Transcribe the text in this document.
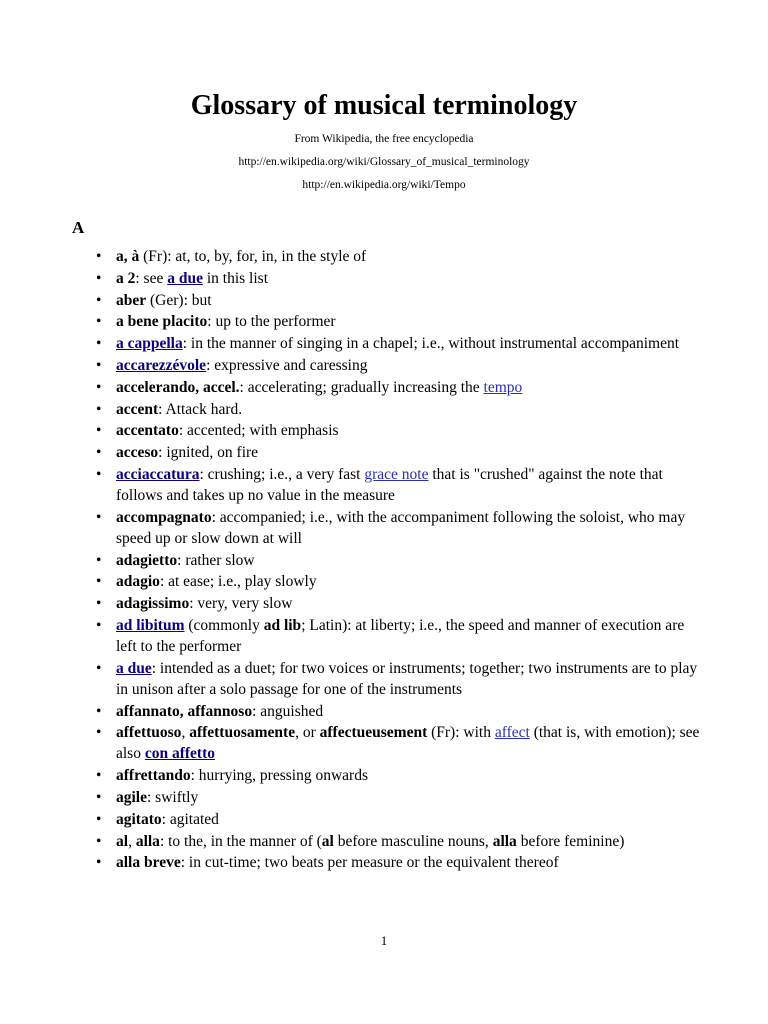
Glossary of musical terminology
From Wikipedia, the free encyclopedia
http://en.wikipedia.org/wiki/Glossary_of_musical_terminology
http://en.wikipedia.org/wiki/Tempo
A
• a, à (Fr): at, to, by, for, in, in the style of
• a 2: see a due in this list
• aber (Ger): but
• a bene placito: up to the performer
• a cappella: in the manner of singing in a chapel; i.e., without instrumental accompaniment
• accarezzévole: expressive and caressing
• accelerando, accel.: accelerating; gradually increasing the tempo
• accent: Attack hard.
• accentato: accented; with emphasis
• acceso: ignited, on fire
• acciaccatura: crushing; i.e., a very fast grace note that is "crushed" against the note that follows and takes up no value in the measure
• accompagnato: accompanied; i.e., with the accompaniment following the soloist, who may speed up or slow down at will
• adagietto: rather slow
• adagio: at ease; i.e., play slowly
• adagissimo: very, very slow
• ad libitum (commonly ad lib; Latin): at liberty; i.e., the speed and manner of execution are left to the performer
• a due: intended as a duet; for two voices or instruments; together; two instruments are to play in unison after a solo passage for one of the instruments
• affannato, affannoso: anguished
• affettuoso, affettuosamente, or affectueusement (Fr): with affect (that is, with emotion); see also con affetto
• affrettando: hurrying, pressing onwards
• agile: swiftly
• agitato: agitated
• al, alla: to the, in the manner of (al before masculine nouns, alla before feminine)
• alla breve: in cut-time; two beats per measure or the equivalent thereof
1
